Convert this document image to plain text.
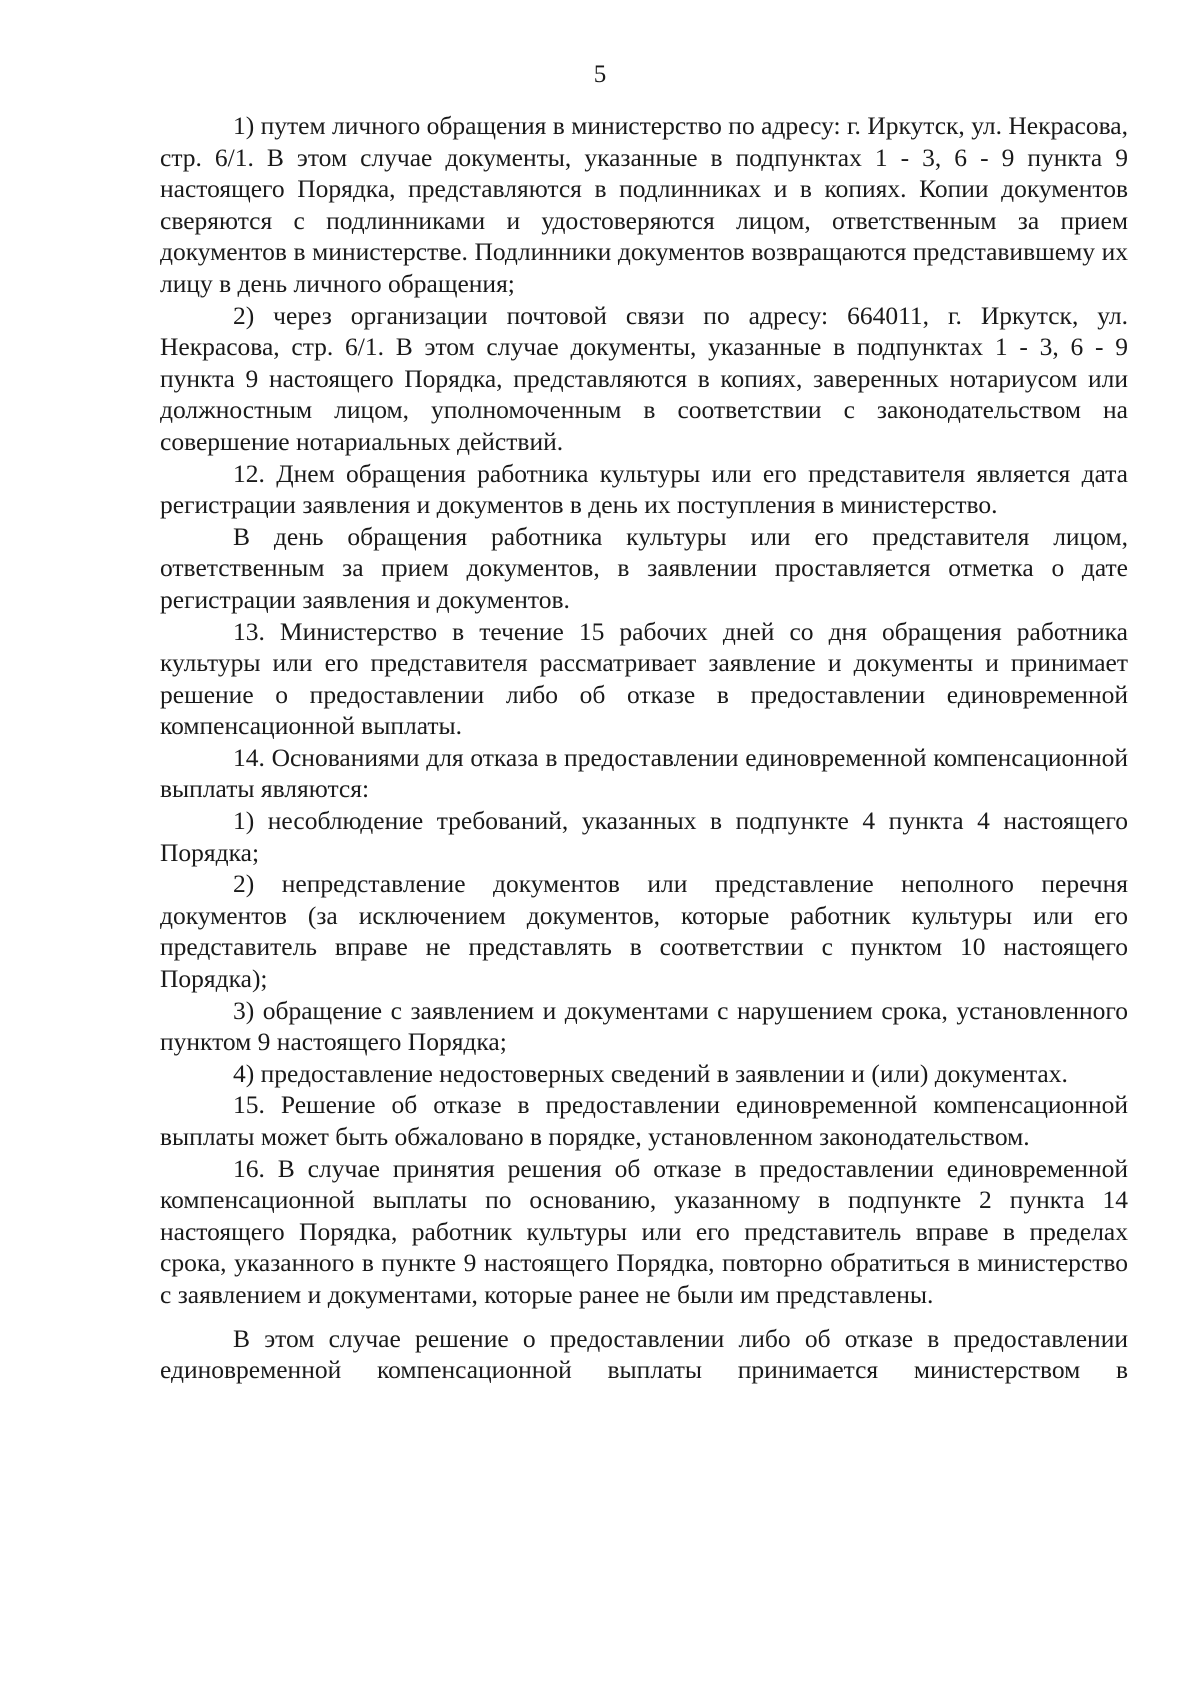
5

1) путем личного обращения в министерство по адресу: г. Иркутск, ул. Некрасова, стр. 6/1. В этом случае документы, указанные в подпунктах 1 - 3, 6 - 9 пункта 9 настоящего Порядка, представляются в подлинниках и в копиях. Копии документов сверяются с подлинниками и удостоверяются лицом, ответственным за прием документов в министерстве. Подлинники документов возвращаются представившему их лицу в день личного обращения;

2) через организации почтовой связи по адресу: 664011, г. Иркутск, ул. Некрасова, стр. 6/1. В этом случае документы, указанные в подпунктах 1 - 3, 6 - 9 пункта 9 настоящего Порядка, представляются в копиях, заверенных нотариусом или должностным лицом, уполномоченным в соответствии с законодательством на совершение нотариальных действий.

12. Днем обращения работника культуры или его представителя является дата регистрации заявления и документов в день их поступления в министерство.

В день обращения работника культуры или его представителя лицом, ответственным за прием документов, в заявлении проставляется отметка о дате регистрации заявления и документов.

13. Министерство в течение 15 рабочих дней со дня обращения работника культуры или его представителя рассматривает заявление и документы и принимает решение о предоставлении либо об отказе в предоставлении единовременной компенсационной выплаты.

14. Основаниями для отказа в предоставлении единовременной компенсационной выплаты являются:

1) несоблюдение требований, указанных в подпункте 4 пункта 4 настоящего Порядка;

2) непредставление документов или представление неполного перечня документов (за исключением документов, которые работник культуры или его представитель вправе не представлять в соответствии с пунктом 10 настоящего Порядка);

3) обращение с заявлением и документами с нарушением срока, установленного пунктом 9 настоящего Порядка;

4) предоставление недостоверных сведений в заявлении и (или) документах.

15. Решение об отказе в предоставлении единовременной компенсационной выплаты может быть обжаловано в порядке, установленном законодательством.

16. В случае принятия решения об отказе в предоставлении единовременной компенсационной выплаты по основанию, указанному в подпункте 2 пункта 14 настоящего Порядка, работник культуры или его представитель вправе в пределах срока, указанного в пункте 9 настоящего Порядка, повторно обратиться в министерство с заявлением и документами, которые ранее не были им представлены.

В этом случае решение о предоставлении либо об отказе в предоставлении единовременной компенсационной выплаты принимается министерством в
